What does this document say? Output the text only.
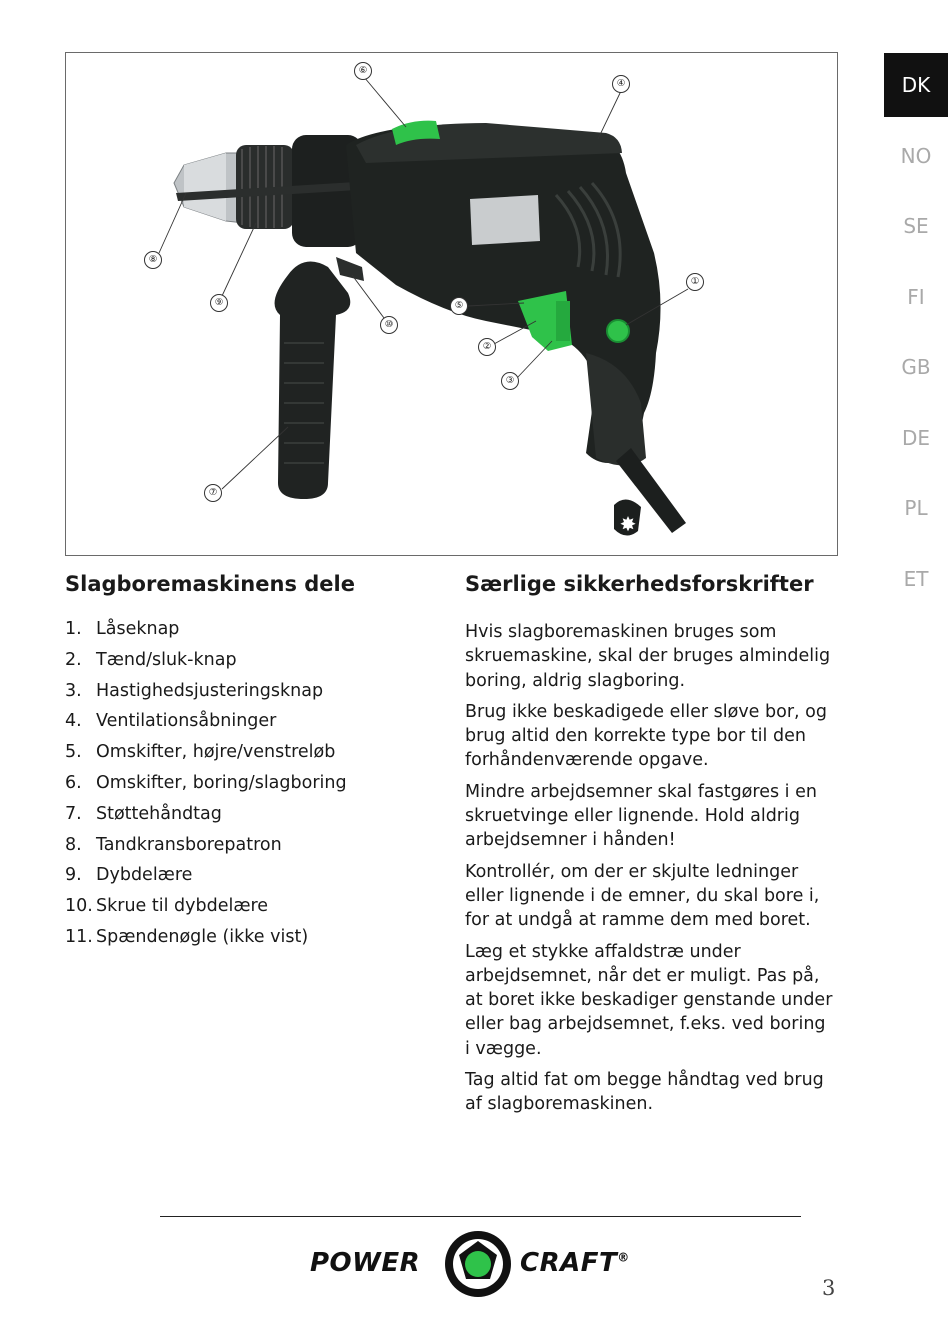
DK
NO
SE
FI
GB
DE
PL
ET
✸
⑥
④
①
⑤
②
③
⑦
⑧
⑨
⑩
Slagboremaskinens dele
1. Låseknap
2. Tænd/sluk-knap
3. Hastighedsjusteringsknap
4. Ventilationsåbninger
5. Omskifter, højre/venstreløb
6. Omskifter, boring/slagboring
7. Støttehåndtag
8. Tandkransborepatron
9. Dybdelære
10. Skrue til dybdelære
11. Spændenøgle (ikke vist)
Særlige sikkerhedsforskrifter

Hvis slagboremaskinen bruges som skruemaskine, skal der bruges almindelig boring, aldrig slagboring.

Brug ikke beskadigede eller sløve bor, og brug altid den korrekte type bor til den forhåndenværende opgave.

Mindre arbejdsemner skal fastgøres i en skruetvinge eller lignende. Hold aldrig arbejdsemner i hånden!

Kontrollér, om der er skjulte ledninger eller lignende i de emner, du skal bore i, for at undgå at ramme dem med boret.

Læg et stykke affaldstræ under arbejdsemnet, når det er muligt. Pas på, at boret ikke beskadiger genstande under eller bag arbejdsemnet, f.eks. ved boring i vægge.

Tag altid fat om begge håndtag ved brug af slagboremaskinen.

POWER	CRAFT®
3
